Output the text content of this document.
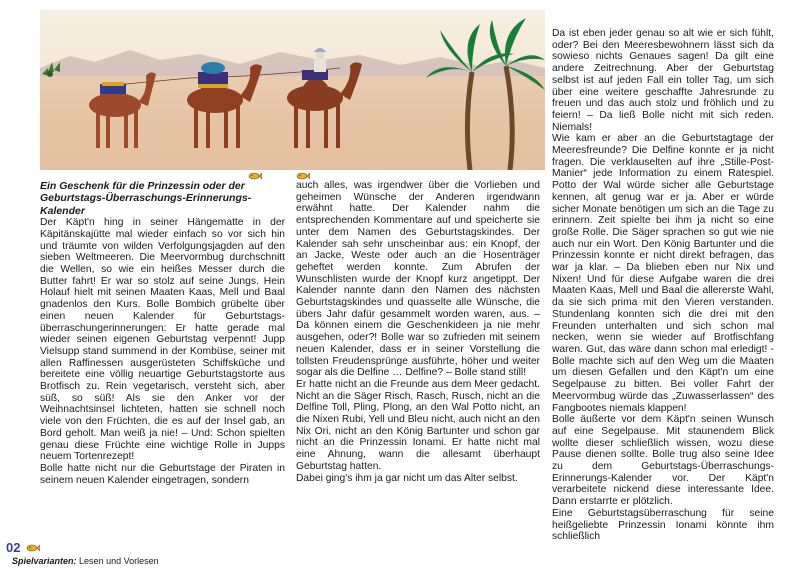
Ein Geschenk für die Prinzessin oder der Geburtstags-Überraschungs-Erinnerungs-Kalender

Der Käpt'n hing in seiner Hängematte in der Käpitänskajütte mal wieder einfach so vor sich hin und träumte von wilden Verfolgungsjagden auf den sieben Weltmeeren. Die Meervormbug durchschnitt die Wellen, so wie ein heißes Messer durch die Butter fahrt! Er war so stolz auf seine Jungs. Hein Holauf hielt mit seinen Maaten Kaas, Mell und Baal gnadenlos den Kurs. Bolle Bombich grübelte über einen neuen Kalender für Geburtstags-überraschungerinnerungen: Er hatte gerade mal wieder seinen eigenen Geburtstag verpennt! Jupp Vielsupp stand summend in der Kombüse, seiner mit allen Raffinessen ausgerüsteten Schiffsküche und bereitete eine völlig neuartige Geburtstagstorte aus Brotfisch zu. Rein vegetarisch, versteht sich, aber süß, so süß! Als sie den Anker vor der Weihnachtsinsel lichteten, hatten sie schnell noch viele von den Früchten, die es auf der Insel gab, an Bord geholt. Man weiß ja nie! – Und: Schon spielten genau diese Früchte eine wichtige Rolle in Jupps neuem Tortenrezept!

Bolle hatte nicht nur die Geburtstage der Piraten in seinem neuen Kalender eingetragen, sondern

auch alles, was irgendwer über die Vorlieben und geheimen Wünsche der Anderen irgendwann erwähnt hatte. Der Kalender nahm die entsprechenden Kommentare auf und speicherte sie unter dem Namen des Geburtstagskindes. Der Kalender sah sehr unscheinbar aus: ein Knopf, der an Jacke, Weste oder auch an die Hosenträger geheftet werden konnte. Zum Abrufen der Wunschlisten wurde der Knopf kurz angetippt. Der Kalender nannte dann den Namen des nächsten Geburtstagskindes und quasselte alle Wünsche, die übers Jahr dafür gesammelt worden waren, aus. – Da können einem die Geschenkideen ja nie mehr ausgehen, oder?! Bolle war so zufrieden mit seinem neuen Kalender, dass er in seiner Vorstellung die tollsten Freudensprünge ausführte, höher und weiter sogar als die Delfine … Delfine? – Bolle stand still!

Er hatte nicht an die Freunde aus dem Meer gedacht. Nicht an die Säger Risch, Rasch, Rusch, nicht an die Delfine Toll, Pling, Plong, an den Wal Potto nicht, an die Nixen Rubi, Yell und Bleu nicht, auch nicht an den Nix Ori, nicht an den König Bartunter und schon gar nicht an die Prinzessin Ionami. Er hatte nicht mal eine Ahnung, wann die allesamt überhaupt Geburtstag hatten.

Dabei ging's ihm ja gar nicht um das Alter selbst.

Da ist eben jeder genau so alt wie er sich fühlt, oder? Bei den Meeresbewohnern lässt sich da sowieso nichts Genaues sagen! Da gilt eine andere Zeitrechnung. Aber der Geburtstag selbst ist auf jeden Fall ein toller Tag, um sich über eine weitere geschaffte Jahresrunde zu freuen und das auch stolz und fröhlich und zu feiern! – Da ließ Bolle nicht mit sich reden. Niemals!

Wie kam er aber an die Geburtstagtage der Meeresfreunde? Die Delfine konnte er ja nicht fragen. Die verklauselten auf ihre „Stille-Post-Manier“ jede Information zu einem Ratespiel. Potto der Wal würde sicher alle Geburtstage kennen, alt genug war er ja. Aber er würde sicher Monate benötigen um sich an die Tage zu erinnern. Zeit spielte bei ihm ja nicht so eine große Rolle. Die Säger sprachen so gut wie nie auch nur ein Wort. Den König Bartunter und die Prinzessin konnte er nicht direkt befragen, das war ja klar. – Da blieben eben nur Nix und Nixen! Und für diese Aufgabe waren die drei Maaten Kaas, Mell und Baal die allererste Wahl, da sie sich prima mit den Vieren verstanden. Stundenlang konnten sich die drei mit den Freunden unterhalten und sich schon mal necken, wenn sie wieder auf Brotfischfang waren. Gut, das wäre dann schon mal erledigt! - Bolle machte sich auf den Weg um die Maaten um diesen Gefallen und den Käpt'n um eine Segelpause zu bitten. Bei voller Fahrt der Meervormbug würde das „Zuwasserlassen“ des Fangbootes niemals klappen!

Bolle äußerte vor dem Käpt'n seinen Wunsch auf eine Segelpause. Mit staunendem Blick wollte dieser schließlich wissen, wozu diese Pause dienen sollte. Bolle trug also seine Idee zu dem Geburtstags-Überraschungs-Erinnerungs-Kalender vor. Der Käpt'n verarbeitete nickend diese interessante Idee. Dann erstarrte er plötzlich.

Eine Geburtstagsüberraschung für seine heißgeliebte Prinzessin Ionami könnte ihm schließlich

02
Spielvarianten: Lesen und Vorlesen
